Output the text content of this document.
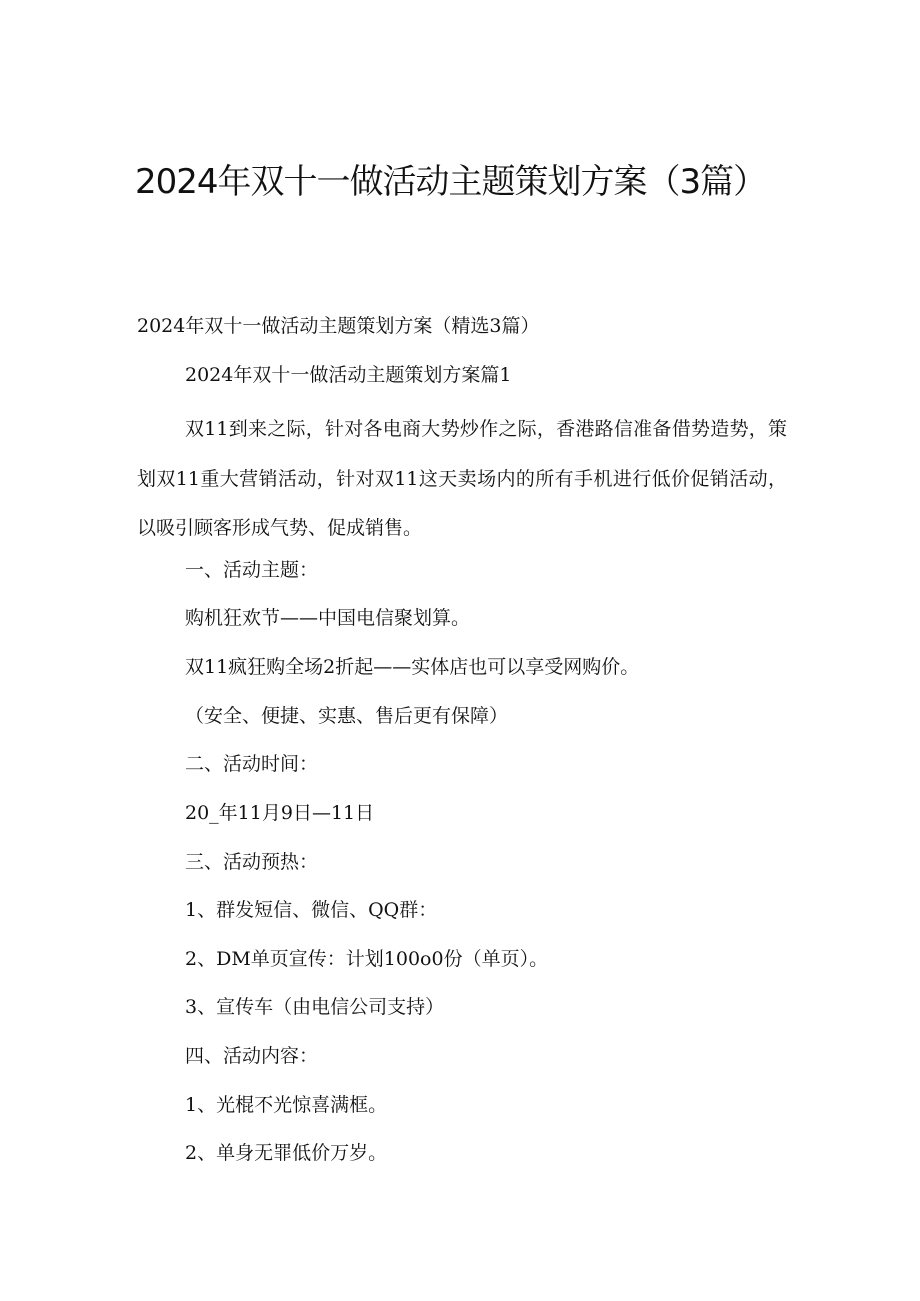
2024年双十一做活动主题策划方案（3篇）

2024年双十一做活动主题策划方案（精选3篇）

2024年双十一做活动主题策划方案篇1

双11到来之际，针对各电商大势炒作之际，香港路信准备借势造势，策划双11重大营销活动，针对双11这天卖场内的所有手机进行低价促销活动，以吸引顾客形成气势、促成销售。

一、活动主题：

购机狂欢节——中国电信聚划算。

双11疯狂购全场2折起——实体店也可以享受网购价。

（安全、便捷、实惠、售后更有保障）

二、活动时间：

20_年11月9日—11日

三、活动预热：

1、群发短信、微信、QQ群：

2、DM单页宣传：计划100o0份（单页）。

3、宣传车（由电信公司支持）

四、活动内容：

1、光棍不光惊喜满框。

2、单身无罪低价万岁。
